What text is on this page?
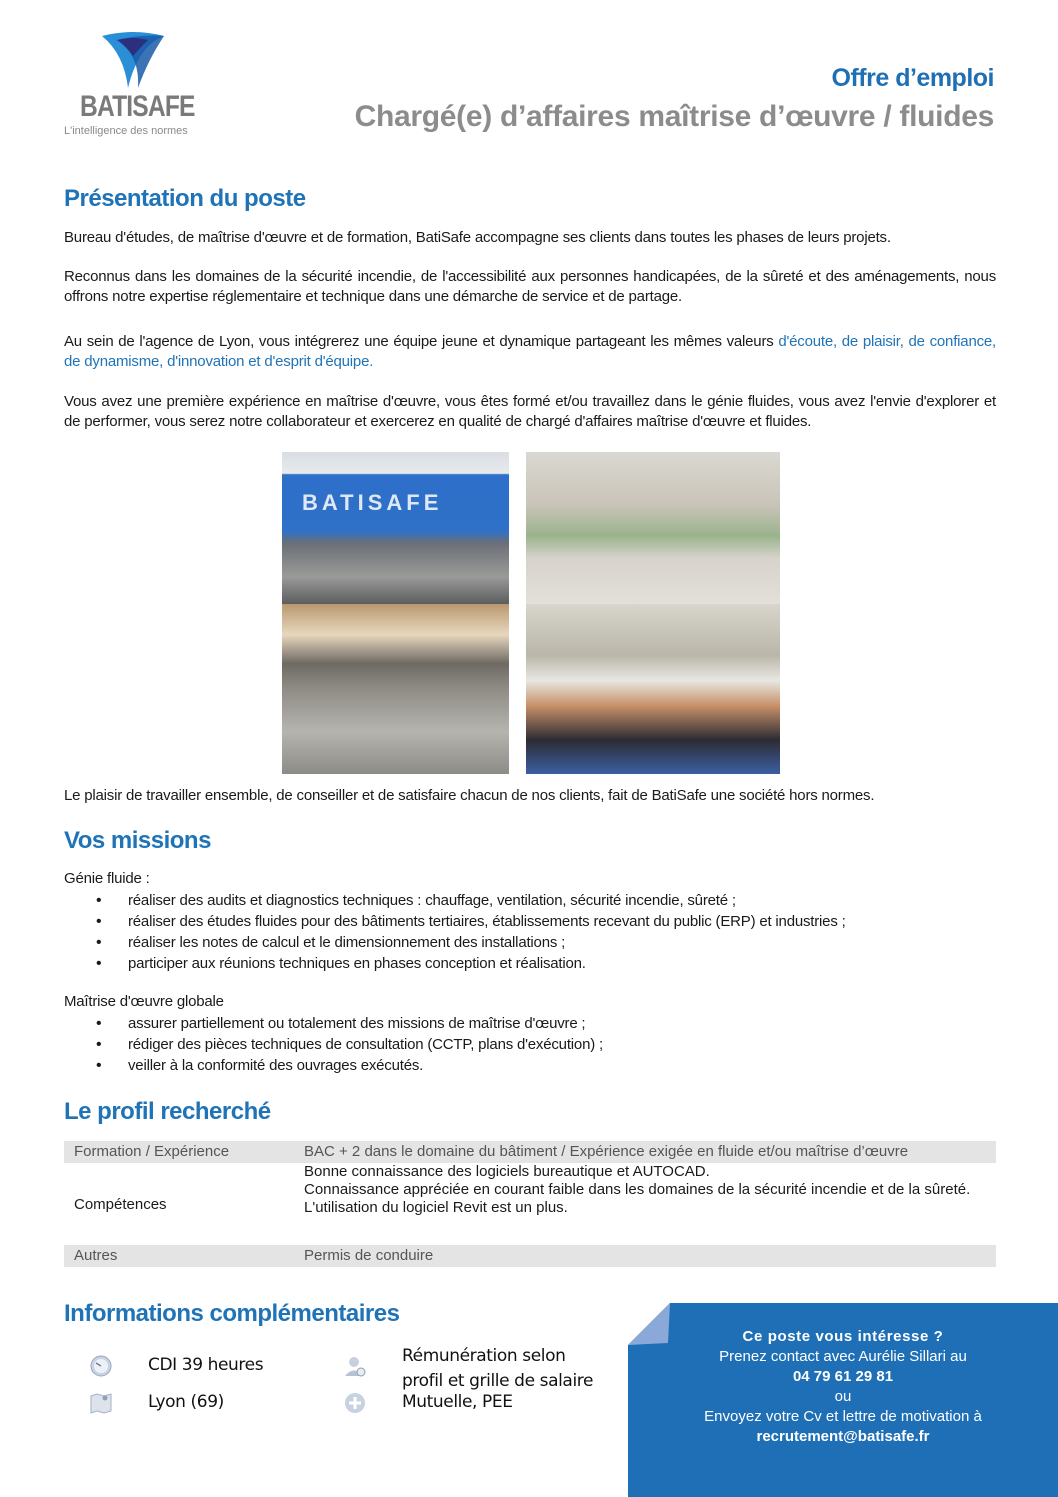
BATISAFE
L'intelligence des normes
Offre d’emploi
Chargé(e) d’affaires maîtrise d’œuvre / fluides
Présentation du poste

Bureau d'études, de maîtrise d'œuvre et de formation, BatiSafe accompagne ses clients dans toutes les phases de leurs projets.

Reconnus dans les domaines de la sécurité incendie, de l'accessibilité aux personnes handicapées, de la sûreté et des aménagements, nous offrons notre expertise réglementaire et technique dans une démarche de service et de partage.

Au sein de l'agence de Lyon, vous intégrerez une équipe jeune et dynamique partageant les mêmes valeurs d'écoute, de plaisir, de confiance, de dynamisme, d'innovation et d'esprit d'équipe.

Vous avez une première expérience en maîtrise d'œuvre, vous êtes formé et/ou travaillez dans le génie fluides, vous avez l'envie d'explorer et de performer, vous serez notre collaborateur et exercerez en qualité de chargé d'affaires maîtrise d'œuvre et fluides.

BATISAFE

Le plaisir de travailler ensemble, de conseiller et de satisfaire chacun de nos clients, fait de BatiSafe une société hors normes.

Vos missions

Génie fluide :

• réaliser des audits et diagnostics techniques : chauffage, ventilation, sécurité incendie, sûreté ;
• réaliser des études fluides pour des bâtiments tertiaires, établissements recevant du public (ERP) et industries ;
• réaliser les notes de calcul et le dimensionnement des installations ;
• participer aux réunions techniques en phases conception et réalisation.

Maîtrise d'œuvre globale

• assurer partiellement ou totalement des missions de maîtrise d'œuvre ;
• rédiger des pièces techniques de consultation (CCTP, plans d'exécution) ;
• veiller à la conformité des ouvrages exécutés.
Le profil recherché
Formation / Expérience	BAC + 2 dans le domaine du bâtiment / Expérience exigée en fluide et/ou maîtrise d’œuvre
Compétences
Bonne connaissance des logiciels bureautique et AUTOCAD.
Connaissance appréciée en courant faible dans les domaines de la sécurité incendie et de la sûreté.
L'utilisation du logiciel Revit est un plus.
Autres	Permis de conduire
Informations complémentaires
CDI 39 heures
Lyon (69)
Rémunération selon
profil et grille de salaire
Mutuelle, PEE
Ce poste vous intéresse ?
Prenez contact avec Aurélie Sillari au
04 79 61 29 81
ou
Envoyez votre Cv et lettre de motivation à
recrutement@batisafe.fr
